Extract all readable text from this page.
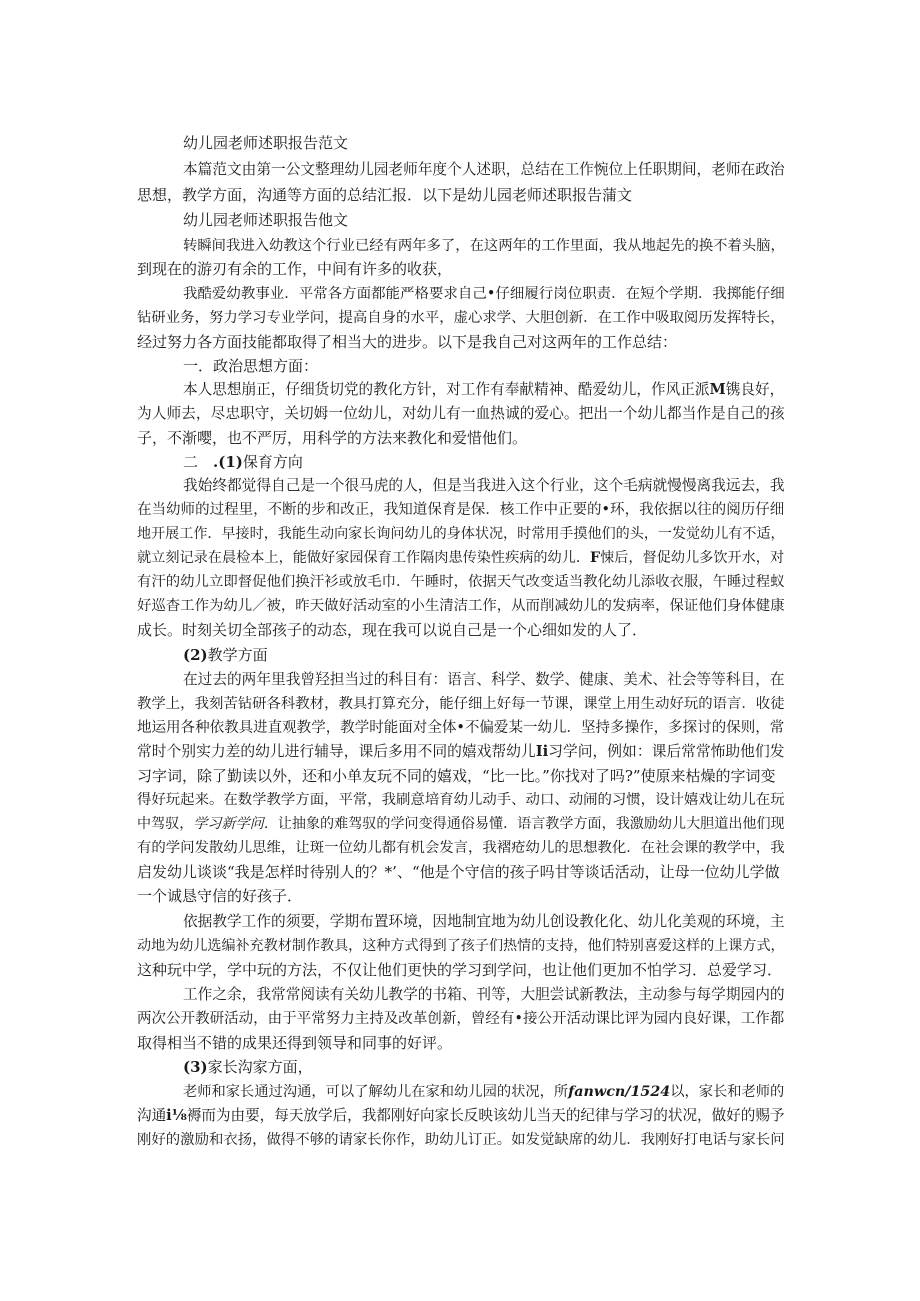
幼儿园老师述职报告范文
本篇范文由第一公文整理幼儿园老师年度个人述职，总结在工作惋位上任职期间，老师在政治
思想，教学方面，沟通等方面的总结汇报．以下是幼儿园老师述职报告蒲文
幼儿园老师述职报告他文
转瞬间我进入幼教这个行业已经有两年多了，在这两年的工作里面，我从地起先的换不着头脑，
到现在的游刃有余的工作，中间有许多的收获，
我酷爱幼教事业．平常各方面都能严格要求自己•仔细履行岗位职责．在短个学期．我掷能仔细
钻研业务，努力学习专业学问，提高自身的水平，虚心求学、大胆创新．在工作中吸取阅历发挥特长，
经过努力各方面技能都取得了相当大的进步。以下是我自己对这两年的工作总结：
一．政治思想方面：
本人思想崩正，仔细货切党的教化方针，对工作有奉献精神、酷爱幼儿，作风正派M镌良好，
为人师去，尽忠职守，关切姆一位幼儿，对幼儿有一血热诚的爱心。把出一个幼儿都当作是自己的孩
子，不渐嘤，也不严厉，用科学的方法来教化和爱惜他们。
二　.(1)保育方向
我始终都觉得自己是一个很马虎的人，但是当我进入这个行业，这个毛病就慢慢离我远去，我
在当幼师的过程里，不断的步和改正，我知道保育是保．核工作中正要的•环，我依据以往的阅历仔细
地开展工作．早接时，我能生动向家长询问幼儿的身体状况，时常用手摸他们的头，一发觉幼儿有不适，
就立刻记录在晨检本上，能做好家园保育工作隔肉患传染性疾病的幼儿．F悚后，督促幼儿多饮开水，对
有汗的幼儿立即督促他们换汗衫或放毛巾．午睡时，依据天气改变适当教化幼儿添收衣服，午睡过程蚁
好巡杳工作为幼儿／被，昨天做好活动室的小生清洁工作，从而削减幼儿的发病率，保证他们身体健康
成长。时刻关切全部孩子的动态，现在我可以说自己是一个心细如发的人了．
(2)教学方面
在过去的两年里我曾羟担当过的科目有：语言、科学、数学、健康、美术、社会等等科目，在
教学上，我刻苦钻研各科教材，教具打算充分，能仔细上好每一节课，课堂上用生动好玩的语言．收徒
地运用各种依教具进直观教学，教学时能面对全体•不偏爱某一幼儿．坚持多操作，多探讨的保则，常
常时个别实力差的幼儿进行辅导，课后多用不同的嬉戏帮幼儿Ii习学问，例如：课后常常怖助他们发
习字词，除了勤读以外，还和小单友玩不同的嬉戏，“比一比。”你找对了吗?”使原来枯燥的字词变
得好玩起来。在数学教学方面，平常，我刷意培育幼儿动手、动口、动闹的习惯，设计嬉戏让幼儿在玩
中驾驭，学习新学问．让抽象的难驾驭的学问变得通俗易懂．语言教学方面，我激励幼儿大胆道出他们现
有的学问发散幼儿思维，让斑一位幼儿都有机会发言，我褶疮幼儿的思想教化．在社会课的教学中，我
启发幼儿谈谈“我是怎样时待别人的？*’、“他是个守信的孩子吗甘等谈话活动，让母一位幼儿学做
一个诚恳守信的好孩子．
依据教学工作的须要，学期布置环境，因地制宜地为幼儿创设教化化、幼儿化美观的环境，主
动地为幼儿选编补充教材制作教具，这种方式得到了孩子们热情的支持，他们特别喜爱这样的上课方式，
这种玩中学，学中玩的方法，不仅让他们更快的学习到学问，也让他们更加不怕学习．总爱学习．
工作之余，我常常阅读有关幼儿教学的书箱、刊等，大胆尝试新教法，主动参与每学期园内的
两次公开教研活动，由于平常努力主持及改革创新，曾经有•接公开活动课比评为园内良好课，工作都
取得相当不错的成果还得到领导和同事的好评。
(3)家长沟家方面，
老师和家长通过沟通，可以了解幼儿在家和幼儿园的状况，所fanwcn/1524以，家长和老师的
沟通i⅛褥而为由要，每天放学后，我都刚好向家长反映该幼儿当天的纪律与学习的状况，做好的赐予
刚好的激励和衣扬，做得不够的请家长你作，助幼儿订正。如发觉缺席的幼儿．我刚好打电话与家长问
